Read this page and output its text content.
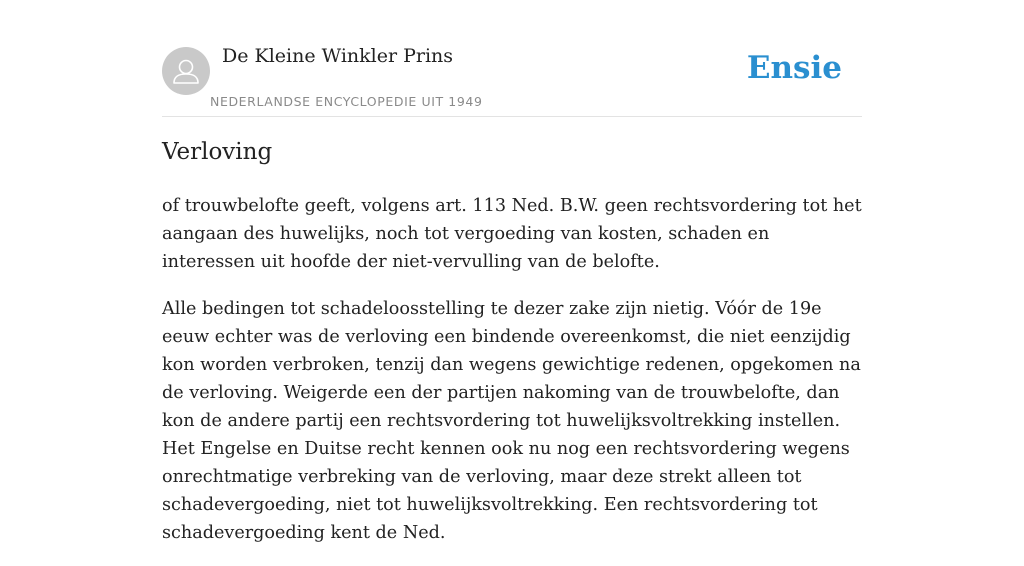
De Kleine Winkler Prins
NEDERLANDSE ENCYCLOPEDIE UIT 1949
Ensie
Verloving

of trouwbelofte geeft, volgens art. 113 Ned. B.W. geen rechtsvordering tot het aangaan des huwelijks, noch tot vergoeding van kosten, schaden en interessen uit hoofde der niet-vervulling van de belofte.

Alle bedingen tot schadeloosstelling te dezer zake zijn nietig. Vóór de 19e eeuw echter was de verloving een bindende overeenkomst, die niet eenzijdig kon worden verbroken, tenzij dan wegens gewichtige redenen, opgekomen na de verloving. Weigerde een der partijen nakoming van de trouwbelofte, dan kon de andere partij een rechtsvordering tot huwelijksvoltrekking instellen. Het Engelse en Duitse recht kennen ook nu nog een rechtsvordering wegens onrechtmatige verbreking van de verloving, maar deze strekt alleen tot schadevergoeding, niet tot huwelijksvoltrekking. Een rechtsvordering tot schadevergoeding kent de Ned.
